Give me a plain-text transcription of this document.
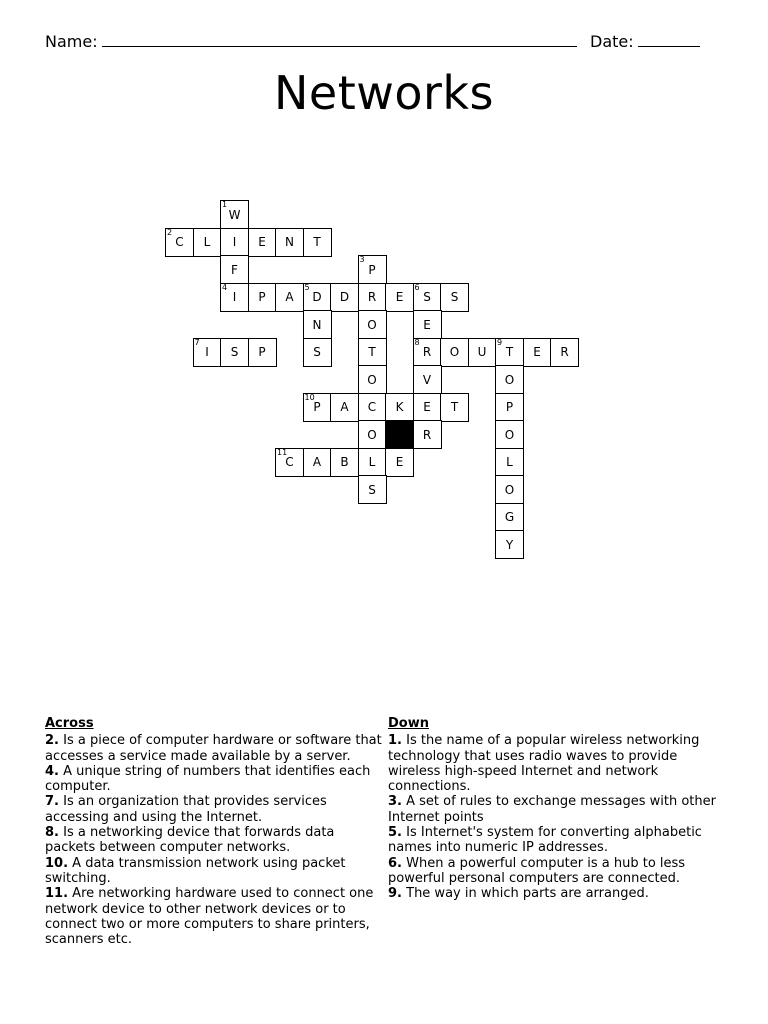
Name:	Date:
Networks
1
W
2
C L I E N T
F
3
P
4
I P A
5
D D R E
6
S S
N	O	E
7
I S P	S	T
8
R O U
9
T E R
O	V	O
10
P A C K E T	P
O	R	O
11
C A B L E	L
S	O
G
Y
Across
2. Is a piece of computer hardware or software that accesses a service made available by a server.
4. A unique string of numbers that identifies each computer.
7. Is an organization that provides services accessing and using the Internet.
8. Is a networking device that forwards data packets between computer networks.
10. A data transmission network using packet switching.
11. Are networking hardware used to connect one network device to other network devices or to connect two or more computers to share printers, scanners etc.
Down
1. Is the name of a popular wireless networking technology that uses radio waves to provide wireless high-speed Internet and network connections.
3. A set of rules to exchange messages with other Internet points
5. Is Internet's system for converting alphabetic names into numeric IP addresses.
6. When a powerful computer is a hub to less powerful personal computers are connected.
9. The way in which parts are arranged.
